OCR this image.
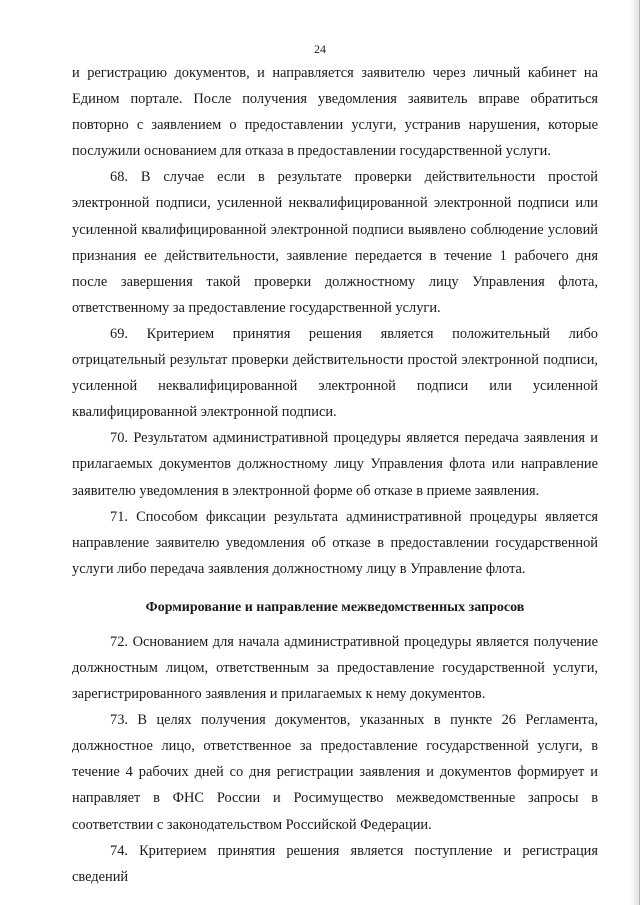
24

и регистрацию документов, и направляется заявителю через личный кабинет на Едином портале. После получения уведомления заявитель вправе обратиться повторно с заявлением о предоставлении услуги, устранив нарушения, которые послужили основанием для отказа в предоставлении государственной услуги.

68. В случае если в результате проверки действительности простой электронной подписи, усиленной неквалифицированной электронной подписи или усиленной квалифицированной электронной подписи выявлено соблюдение условий признания ее действительности, заявление передается в течение 1 рабочего дня после завершения такой проверки должностному лицу Управления флота, ответственному за предоставление государственной услуги.

69. Критерием принятия решения является положительный либо отрицательный результат проверки действительности простой электронной подписи, усиленной неквалифицированной электронной подписи или усиленной квалифицированной электронной подписи.

70. Результатом административной процедуры является передача заявления и прилагаемых документов должностному лицу Управления флота или направление заявителю уведомления в электронной форме об отказе в приеме заявления.

71. Способом фиксации результата административной процедуры является направление заявителю уведомления об отказе в предоставлении государственной услуги либо передача заявления должностному лицу в Управление флота.

Формирование и направление межведомственных запросов

72. Основанием для начала административной процедуры является получение должностным лицом, ответственным за предоставление государственной услуги, зарегистрированного заявления и прилагаемых к нему документов.

73. В целях получения документов, указанных в пункте 26 Регламента, должностное лицо, ответственное за предоставление государственной услуги, в течение 4 рабочих дней со дня регистрации заявления и документов формирует и направляет в ФНС России и Росимущество межведомственные запросы в соответствии с законодательством Российской Федерации.

74. Критерием принятия решения является поступление и регистрация сведений
